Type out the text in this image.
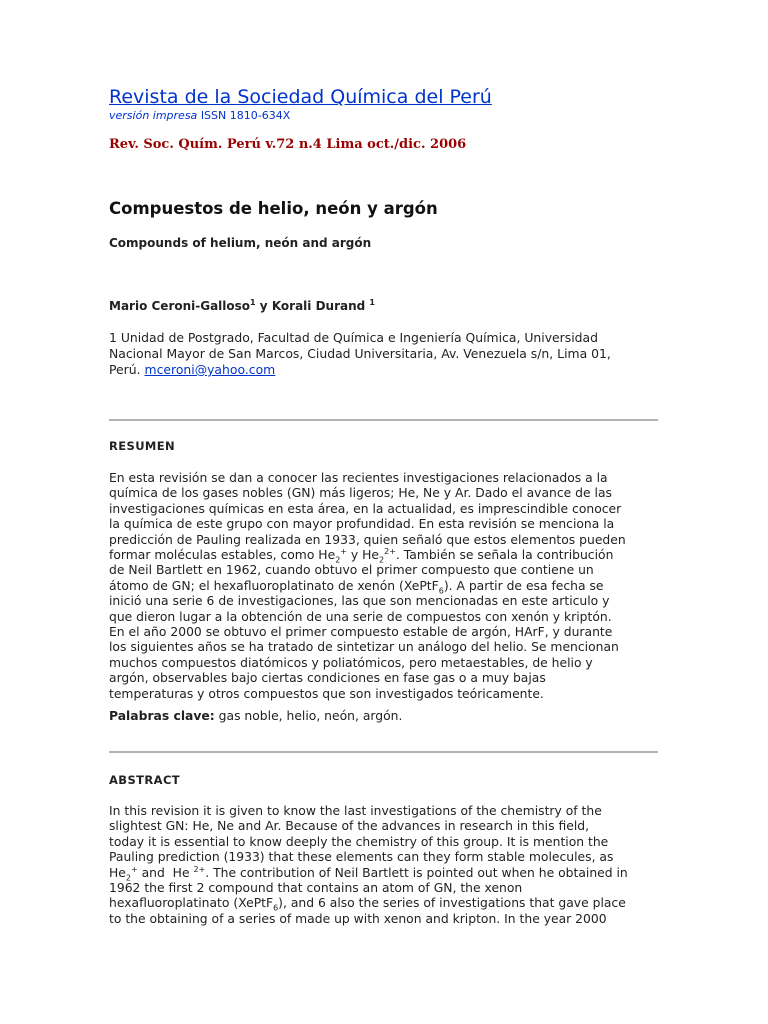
Revista de la Sociedad Química del Perú
versión impresa ISSN 1810-634X
Rev. Soc. Quím. Perú v.72 n.4 Lima oct./dic. 2006
Compuestos de helio, neón y argón
Compounds of helium, neón and argón
Mario Ceroni-Galloso$^1$ y Korali Durand $^1$
1 Unidad de Postgrado, Facultad de Química e Ingeniería Química, Universidad
Nacional Mayor de San Marcos, Ciudad Universitaria, Av. Venezuela s/n, Lima 01,
Perú. mceroni@yahoo.com
RESUMEN
En esta revisión se dan a conocer las recientes investigaciones relacionados a la
química de los gases nobles (GN) más ligeros; He, Ne y Ar. Dado el avance de las
investigaciones químicas en esta área, en la actualidad, es imprescindible conocer
la química de este grupo con mayor profundidad. En esta revisión se menciona la
predicción de Pauling realizada en 1933, quien señaló que estos elementos pueden
formar moléculas estables, como $He_2^+$ y $He_2^{2+}$. También se señala la contribución
de Neil Bartlett en 1962, cuando obtuvo el primer compuesto que contiene un
átomo de GN; el hexafluoroplatinato de xenón (XePtF$_6$). A partir de esa fecha se
inició una serie 6 de investigaciones, las que son mencionadas en este articulo y
que dieron lugar a la obtención de una serie de compuestos con xenón y kriptón.
En el año 2000 se obtuvo el primer compuesto estable de argón, HArF, y durante
los siguientes años se ha tratado de sintetizar un análogo del helio. Se mencionan
muchos compuestos diatómicos y poliatómicos, pero metaestables, de helio y
argón, observables bajo ciertas condiciones en fase gas o a muy bajas
temperaturas y otros compuestos que son investigados teóricamente.
Palabras clave: gas noble, helio, neón, argón.
ABSTRACT
In this revision it is given to know the last investigations of the chemistry of the
slightest GN: He, Ne and Ar. Because of the advances in research in this field,
today it is essential to know deeply the chemistry of this group. It is mention the
Pauling prediction (1933) that these elements can they form stable molecules, as
$He_2^+$ and  He $^{2+}$. The contribution of Neil Bartlett is pointed out when he obtained in
1962 the first 2 compound that contains an atom of GN, the xenon
hexafluoroplatinato (XePtF$_6$), and 6 also the series of investigations that gave place
to the obtaining of a series of made up with xenon and kripton. In the year 2000
